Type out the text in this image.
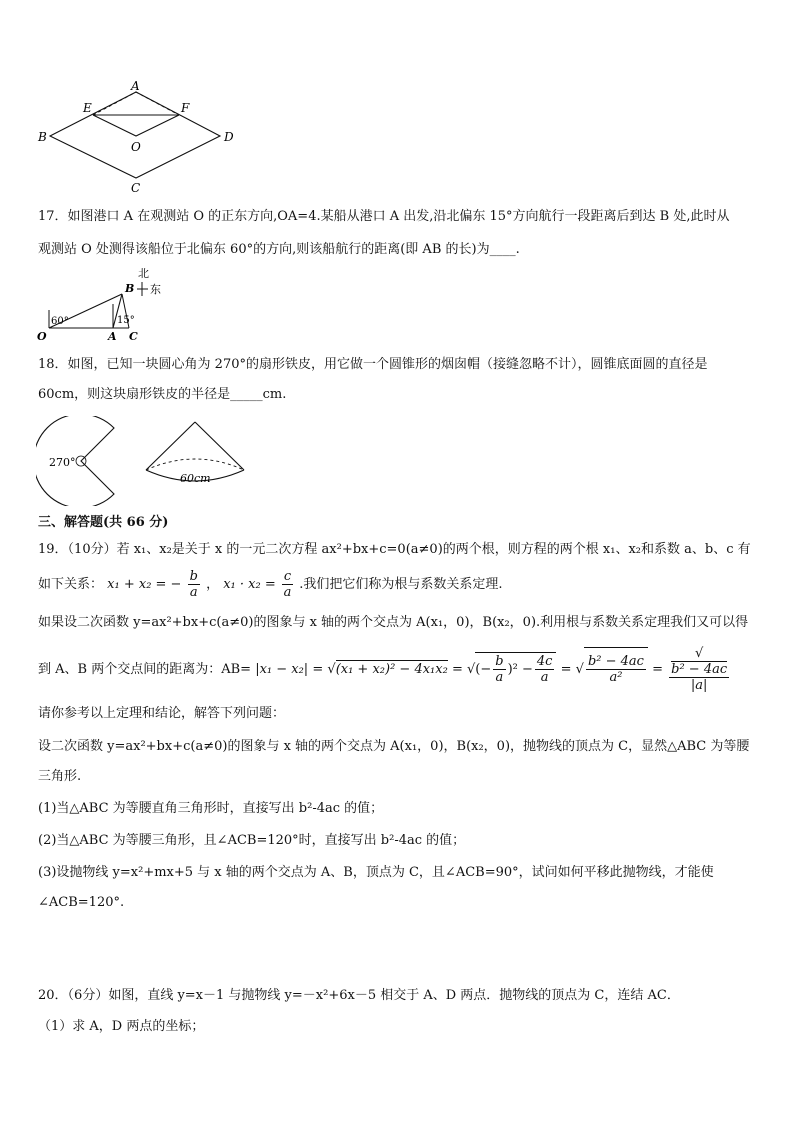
A
B	D
C
E	F
O
17．如图港口 A 在观测站 O 的正东方向,OA=4.某船从港口 A 出发,沿北偏东 15°方向航行一段距离后到达 B 处,此时从
观测站 O 处测得该船位于北偏东 60°的方向,则该船航行的距离(即 AB 的长)为____.
北
东
O	A
B
C
60°	15°
18．如图，已知一块圆心角为 270°的扇形铁皮，用它做一个圆锥形的烟囱帽（接缝忽略不计），圆锥底面圆的直径是
60cm，则这块扇形铁皮的半径是_____cm.
270°
60cm
三、解答题(共 66 分)
19．（10分）若 x₁、x₂是关于 x 的一元二次方程 ax²+bx+c=0(a≠0)的两个根，则方程的两个根 x₁、x₂和系数 a、b、c 有
如下关系： x₁ + x₂ = − $\frac{b}{a}$ ， $x_1 \cdot x_2 = \frac{c}{a}$ .我们把它们称为根与系数关系定理.
如果设二次函数 y=ax²+bx+c(a≠0)的图象与 x 轴的两个交点为 A(x₁，0)，B(x₂，0).利用根与系数关系定理我们又可以得
到 A、B 两个交点间的距离为：AB= |x₁ − x₂| = √(x₁ + x₂)² − 4x₁x₂ = √(− $\frac{b}{a} )^2 - \frac{4c}{a}$ = √ $\frac{\text{b² − 4ac}}{\text{a²}}$ = √
b² − 4ac
|a|
请你参考以上定理和结论，解答下列问题：
设二次函数 y=ax²+bx+c(a≠0)的图象与 x 轴的两个交点为 A(x₁，0)，B(x₂，0)，抛物线的顶点为 C，显然△ABC 为等腰
三角形.
(1)当△ABC 为等腰直角三角形时，直接写出 b²-4ac 的值；
(2)当△ABC 为等腰三角形，且∠ACB=120°时，直接写出 b²-4ac 的值；
(3)设抛物线 y=x²+mx+5 与 x 轴的两个交点为 A、B，顶点为 C，且∠ACB=90°，试问如何平移此抛物线，才能使
∠ACB=120°.
20．（6分）如图，直线 y=x－1 与抛物线 y=－x²+6x－5 相交于 A、D 两点．抛物线的顶点为 C，连结 AC．
（1）求 A，D 两点的坐标；
